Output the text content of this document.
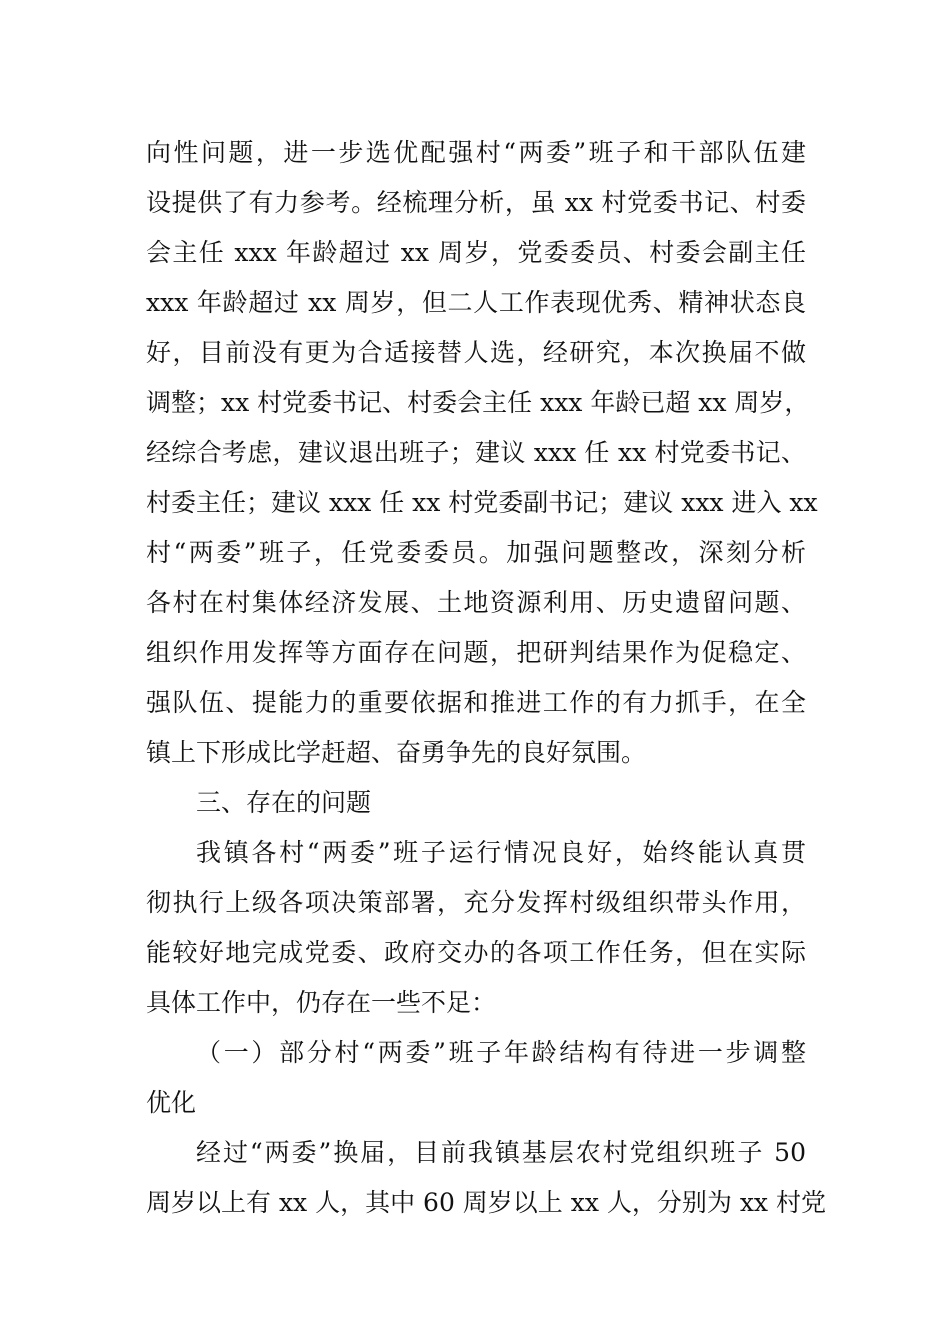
向性问题，进一步选优配强村“两委”班子和干部队伍建
设提供了有力参考。经梳理分析，虽 xx 村党委书记、村委
会主任 xxx 年龄超过 xx 周岁，党委委员、村委会副主任
xxx 年龄超过 xx 周岁，但二人工作表现优秀、精神状态良
好，目前没有更为合适接替人选，经研究，本次换届不做
调整；xx 村党委书记、村委会主任 xxx 年龄已超 xx 周岁，
经综合考虑，建议退出班子；建议 xxx 任 xx 村党委书记、
村委主任；建议 xxx 任 xx 村党委副书记；建议 xxx 进入 xx
村“两委”班子，任党委委员。加强问题整改，深刻分析
各村在村集体经济发展、土地资源利用、历史遗留问题、
组织作用发挥等方面存在问题，把研判结果作为促稳定、
强队伍、提能力的重要依据和推进工作的有力抓手，在全
镇上下形成比学赶超、奋勇争先的良好氛围。
三、存在的问题
我镇各村“两委”班子运行情况良好，始终能认真贯
彻执行上级各项决策部署，充分发挥村级组织带头作用，
能较好地完成党委、政府交办的各项工作任务，但在实际
具体工作中，仍存在一些不足：
（一）部分村“两委”班子年龄结构有待进一步调整
优化
经过“两委”换届，目前我镇基层农村党组织班子 50
周岁以上有 xx 人，其中 60 周岁以上 xx 人，分别为 xx 村党
